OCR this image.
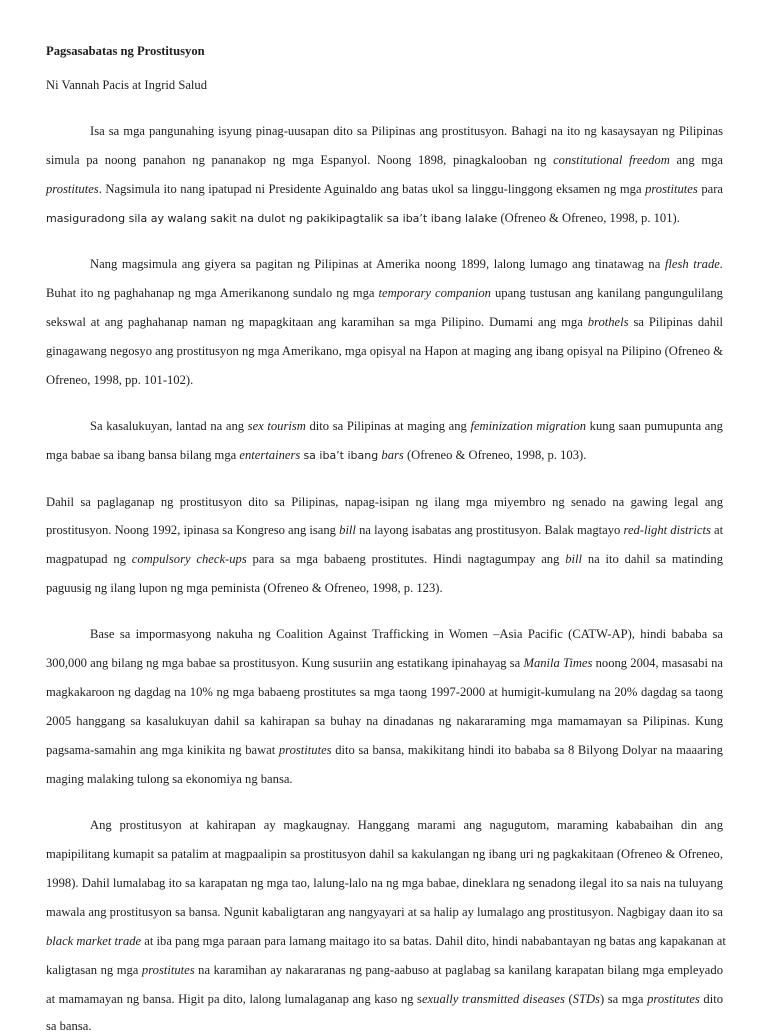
Pagsasabatas ng Prostitusyon
Ni Vannah Pacis at Ingrid Salud
Isa sa mga pangunahing isyung pinag-uusapan dito sa Pilipinas ang prostitusyon. Bahagi na ito ng kasaysayan ng Pilipinas
simula pa noong panahon ng pananakop ng mga Espanyol. Noong 1898, pinagkalooban ng constitutional freedom ang mga
prostitutes. Nagsimula ito nang ipatupad ni Presidente Aguinaldo ang batas ukol sa linggu-linggong eksamen ng mga prostitutes para
masiguradong sila ay walang sakit na dulot ng pakikipagtalik sa iba’t ibang lalake (Ofreneo & Ofreneo, 1998, p. 101).
Nang magsimula ang giyera sa pagitan ng Pilipinas at Amerika noong 1899, lalong lumago ang tinatawag na flesh trade.
Buhat ito ng paghahanap ng mga Amerikanong sundalo ng mga temporary companion upang tustusan ang kanilang pangungulilang
sekswal at ang paghahanap naman ng mapagkitaan ang karamihan sa mga Pilipino. Dumami ang mga brothels sa Pilipinas dahil
ginagawang negosyo ang prostitusyon ng mga Amerikano, mga opisyal na Hapon at maging ang ibang opisyal na Pilipino (Ofreneo &
Ofreneo, 1998, pp. 101-102).
Sa kasalukuyan, lantad na ang sex tourism dito sa Pilipinas at maging ang feminization migration kung saan pumupunta ang
mga babae sa ibang bansa bilang mga entertainers sa iba’t ibang bars (Ofreneo & Ofreneo, 1998, p. 103).
Dahil sa paglaganap ng prostitusyon dito sa Pilipinas, napag-isipan ng ilang mga miyembro ng senado na gawing legal ang
prostitusyon. Noong 1992, ipinasa sa Kongreso ang isang bill na layong isabatas ang prostitusyon. Balak magtayo red-light districts at
magpatupad ng compulsory check-ups para sa mga babaeng prostitutes. Hindi nagtagumpay ang bill na ito dahil sa matinding
paguusig ng ilang lupon ng mga peminista (Ofreneo & Ofreneo, 1998, p. 123).
Base sa impormasyong nakuha ng Coalition Against Trafficking in Women –Asia Pacific (CATW-AP), hindi bababa sa
300,000 ang bilang ng mga babae sa prostitusyon. Kung susuriin ang estatikang ipinahayag sa Manila Times noong 2004, masasabi na
magkakaroon ng dagdag na 10% ng mga babaeng prostitutes sa mga taong 1997-2000 at humigit-kumulang na 20% dagdag sa taong
2005 hanggang sa kasalukuyan dahil sa kahirapan sa buhay na dinadanas ng nakararaming mga mamamayan sa Pilipinas. Kung
pagsama-samahin ang mga kinikita ng bawat prostitutes dito sa bansa, makikitang hindi ito bababa sa 8 Bilyong Dolyar na maaaring
maging malaking tulong sa ekonomiya ng bansa.
Ang prostitusyon at kahirapan ay magkaugnay. Hanggang marami ang nagugutom, maraming kababaihan din ang
mapipilitang kumapit sa patalim at magpaalipin sa prostitusyon dahil sa kakulangan ng ibang uri ng pagkakitaan (Ofreneo & Ofreneo,
1998). Dahil lumalabag ito sa karapatan ng mga tao, lalung-lalo na ng mga babae, dineklara ng senadong ilegal ito sa nais na tuluyang
mawala ang prostitusyon sa bansa. Ngunit kabaligtaran ang nangyayari at sa halip ay lumalago ang prostitusyon. Nagbigay daan ito sa
black market trade at iba pang mga paraan para lamang maitago ito sa batas. Dahil dito, hindi nababantayan ng batas ang kapakanan at
kaligtasan ng mga prostitutes na karamihan ay nakararanas ng pang-aabuso at paglabag sa kanilang karapatan bilang mga empleyado
at mamamayan ng bansa. Higit pa dito, lalong lumalaganap ang kaso ng sexually transmitted diseases (STDs) sa mga prostitutes dito
sa bansa.
